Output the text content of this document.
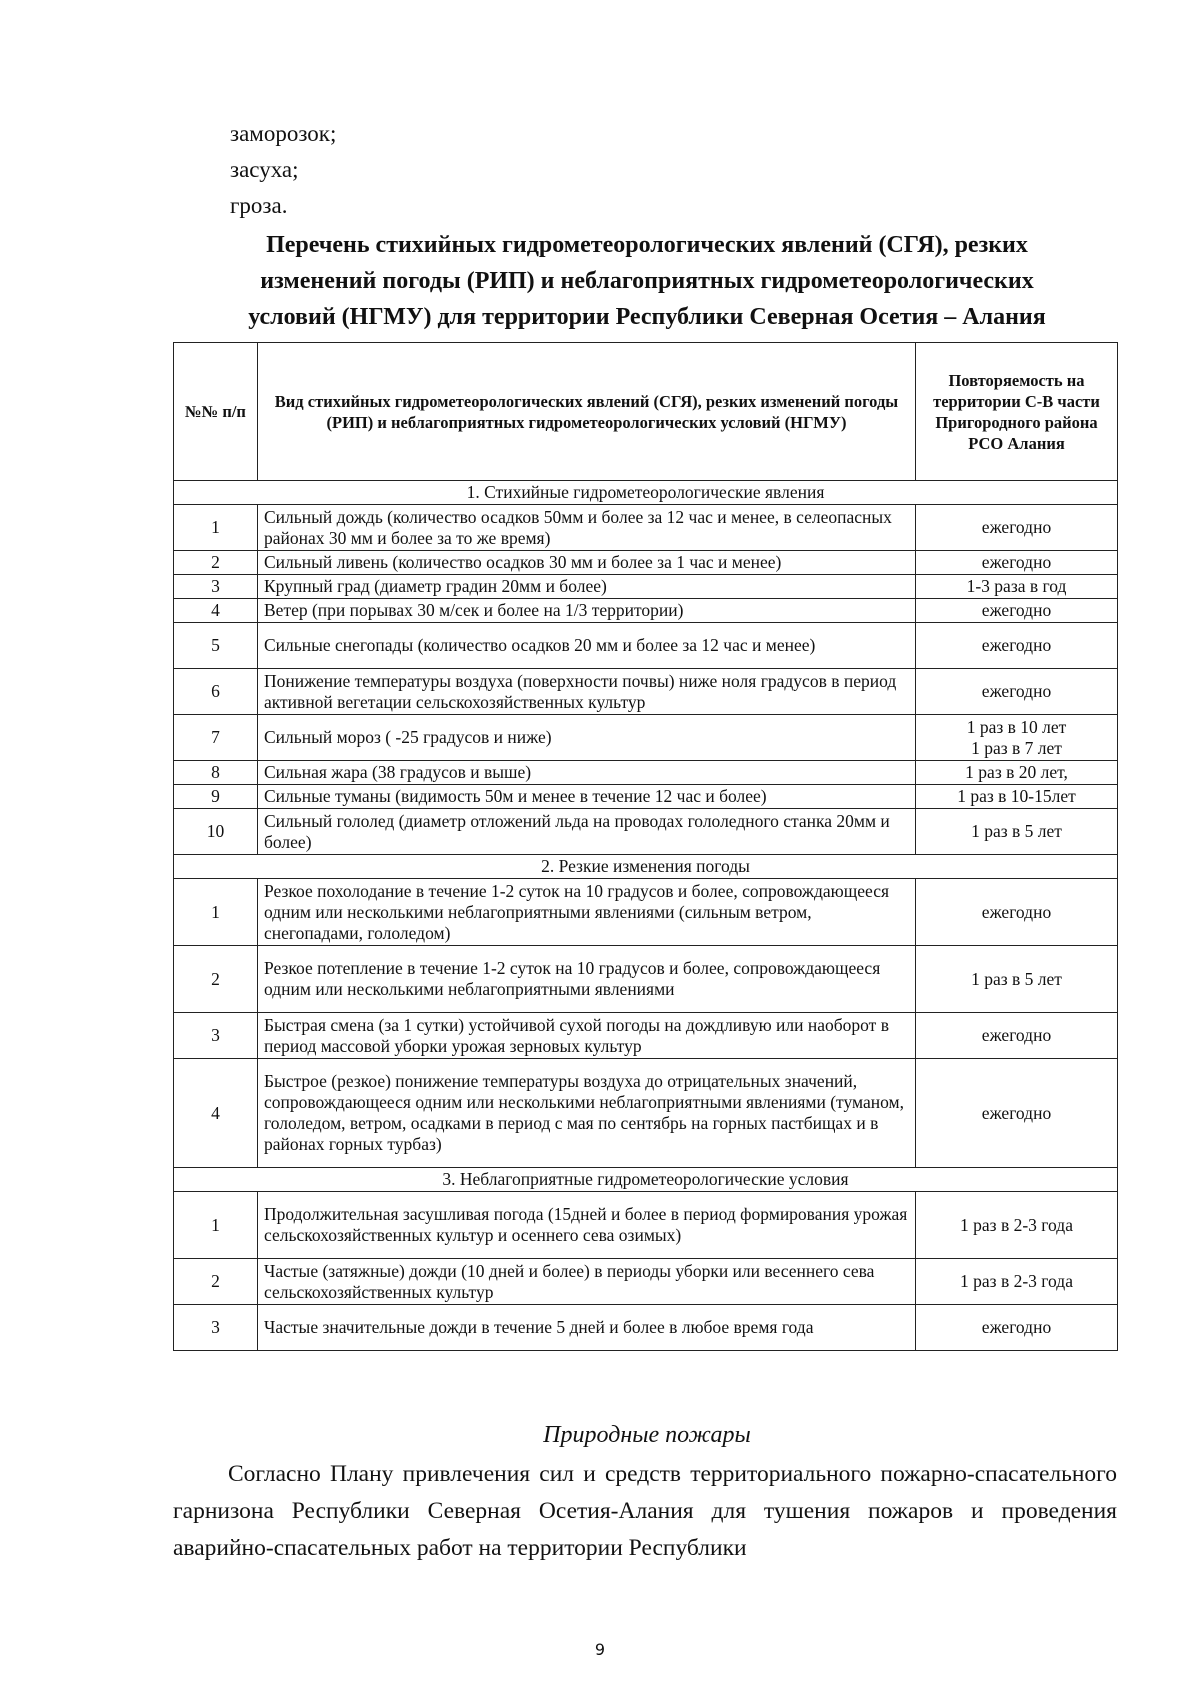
заморозок;
засуха;
гроза.
Перечень стихийных гидрометеорологических явлений (СГЯ), резких
изменений погоды (РИП) и неблагоприятных гидрометеорологических
условий (НГМУ) для территории Республики Северная Осетия – Алания
№№ п/п	Вид стихийных гидрометеорологических явлений (СГЯ), резких изменений погоды (РИП) и неблагоприятных гидрометеорологических условий (НГМУ)	Повторяемость на территории С-В части Пригородного района РСО Алания
1. Стихийные гидрометеорологические явления		
1	Сильный дождь (количество осадков 50мм и более за 12 час и менее, в селеопасных районах 30 мм и более за то же время)	ежегодно
2	Сильный ливень (количество осадков 30 мм и более за 1 час и менее)	ежегодно
3	Крупный град (диаметр градин 20мм и более)	1-3 раза в год
4	Ветер (при порывах 30 м/сек и более на 1/3 территории)	ежегодно
5	Сильные снегопады (количество осадков 20 мм и более за 12 час и менее)	ежегодно
6	Понижение температуры воздуха (поверхности почвы) ниже ноля градусов в период активной вегетации сельскохозяйственных культур	ежегодно
7	Сильный мороз ( -25 градусов и ниже)	1 раз в 10 лет
1 раз в 7 лет

8	Сильная жара (38 градусов и выше)	1 раз в 20 лет,
9	Сильные туманы (видимость 50м и менее в течение 12 час и более)	1 раз в 10-15лет
10	Сильный гололед (диаметр отложений льда на проводах гололедного станка 20мм и более)	1 раз в 5 лет
2. Резкие изменения погоды		
1	Резкое похолодание в течение 1-2 суток на 10 градусов и более, сопровождающееся одним или несколькими неблагоприятными явлениями (сильным ветром, снегопадами, гололедом)	ежегодно
2	Резкое потепление в течение 1-2 суток на 10 градусов и более, сопровождающееся одним или несколькими неблагоприятными явлениями	1 раз в 5 лет
3	Быстрая смена (за 1 сутки) устойчивой сухой погоды на дождливую или наоборот в период массовой уборки урожая зерновых культур	ежегодно
4	Быстрое (резкое) понижение температуры воздуха до отрицательных значений, сопровождающееся одним или несколькими неблагоприятными явлениями (туманом, гололедом, ветром, осадками в период с мая по сентябрь на горных пастбищах и в районах горных турбаз)	ежегодно
3. Неблагоприятные гидрометеорологические условия		
1	Продолжительная засушливая погода (15дней и более в период формирования урожая сельскохозяйственных культур и осеннего сева озимых)	1 раз в 2-3 года
2	Частые (затяжные) дожди (10 дней и более) в периоды уборки или весеннего сева сельскохозяйственных культур	1 раз в 2-3 года
3	Частые значительные дожди в течение 5 дней и более в любое время года	ежегодно
Природные пожары
Согласно Плану привлечения сил и средств территориального пожарно-спасательного гарнизона Республики Северная Осетия-Алания для тушения пожаров и проведения аварийно-спасательных работ на территории Республики
9
